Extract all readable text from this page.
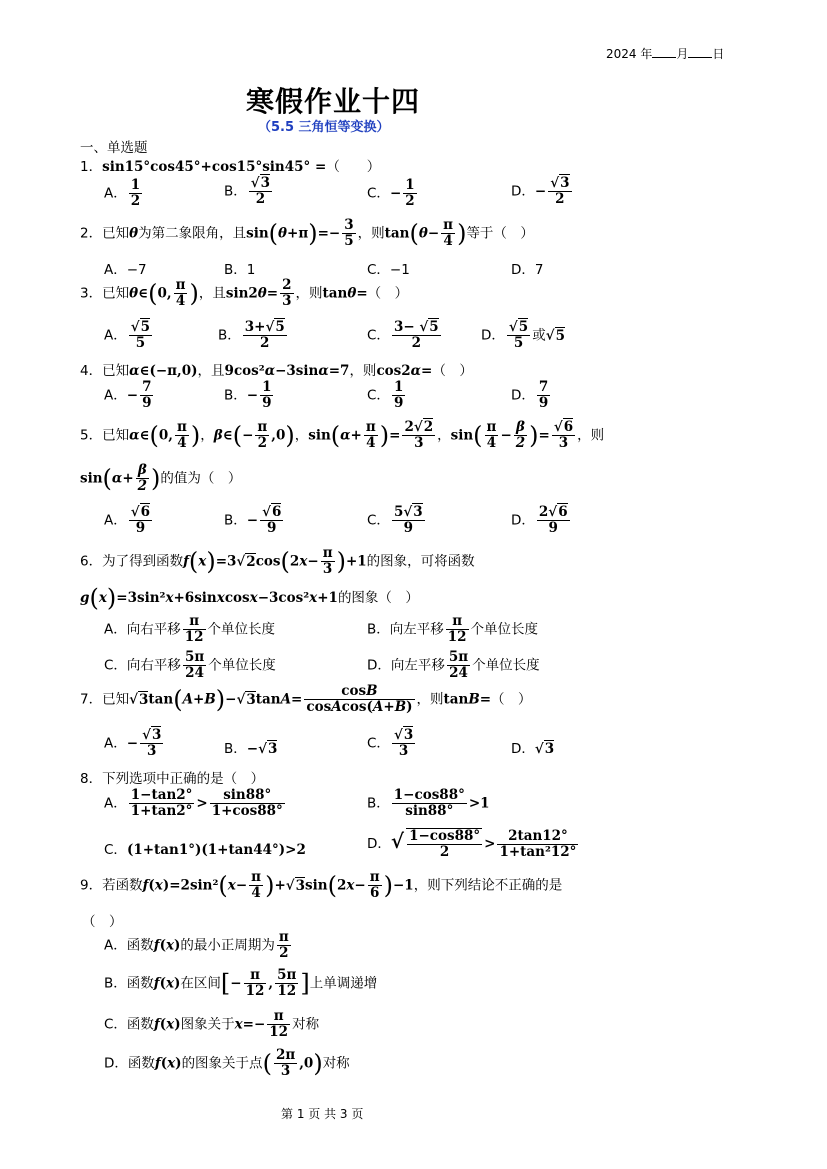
2024 年 月 日
寒假作业十四
（5.5 三角恒等变换）
一、单选题
1．sin15°cos45°+cos15°sin45° =（　　）
A． $\frac{1}{2}$	B． $\frac{√3}{2}$	C．− $\frac{1}{2}$	D．− $\frac{√3}{2}$
2．已知θ为第二象限角，且$\sin(\theta+\pi)=- \frac{3}{5}$ ，则$\tan(\theta- \frac{\pi}{4}$ )等于（　）
A．−7	B．1	C．−1	D．7
3．已知θ∈(0, $\frac{\pi}{4}$ )，且$\sin 2\theta= \frac{2}{3}$ ，则tanθ=（　）
A． $\frac{√5}{5}$	B． $\frac{3+√5}{2}$	C． $\frac{3- √5}{2}$	D． $\frac{√5}{5}$ 或√5
4．已知α∈(−π,0)，且9cos²α−3sinα=7，则cos2α=（　）
A．− $\frac{7}{9}$	B．− $\frac{1}{9}$	C． $\frac{1}{9}$	D． $\frac{7}{9}$
5．已知α∈(0, $\frac{\pi}{4}$ )，β∈(− $\frac{\pi}{2} ,0$)，$\sin(\alpha+ \frac{\pi}{4}$ )= $\frac{2√2}{3}$ ，$\sin( \frac{\pi}{4} - \frac{\beta}{2}$ )= $\frac{√6}{3}$ ，则
$\sin(\alpha+ \frac{\beta}{2}$ )的值为（　）
A． $\frac{√6}{9}$	B．− $\frac{√6}{9}$	C． $\frac{5√3}{9}$	D． $\frac{2√6}{9}$
6．为了得到函数$f(x)=3√2\cos(2x- \frac{\pi}{3} )+1$的图象，可将函数
g(x)=3sin²x+6sinxcosx−3cos²x+1的图象（　）
A．向右平移 $\frac{\pi}{12}$ 个单位长度	B．向左平移 $\frac{\pi}{12}$ 个单位长度
C．向右平移 $\frac{5\pi}{24}$ 个单位长度	D．向左平移 $\frac{5\pi}{24}$ 个单位长度
7．已知$√3\tan(A+B)-√3\tan A= \frac{\cos B}{\text{cosAcos(A+B)}}$ ，则tanB=（　）
A．− $\frac{√3}{3}$	B．−√3	C． $\frac{√3}{3}$	D．√3
8．下列选项中正确的是（　）
A． $\frac{1-\tan 2^\circ}{1+\tan 2^\circ} > \frac{\sin 88^\circ}{1+\cos 88^\circ}$	B． $\frac{1-\cos 88^\circ}{\sin 88^\circ} >1$
C．(1+tan1°)(1+tan44°)>2	D．√ $\frac{1-\cos 88^\circ}{2} > \frac{2\tan 12^\circ}{\text{1+tan²12°}}$
9．若函数$f(x)=2\sin^2(x- \frac{\pi}{4} )+√3\sin(2x- \frac{\pi}{6} )-1$，则下列结论不正确的是
（　）
A．函数f(x)的最小正周期为 $\frac{\pi}{2}$
B．函数f(x)在区间[− $\frac{\pi}{12}$ , $\frac{5\pi}{12}$ ]上单调递增
C．函数f(x)图象关于$x=- \frac{\pi}{12}$ 对称
D．函数f(x)的图象关于点( $\frac{2\pi}{3} ,0$)对称
第 1 页 共 3 页
